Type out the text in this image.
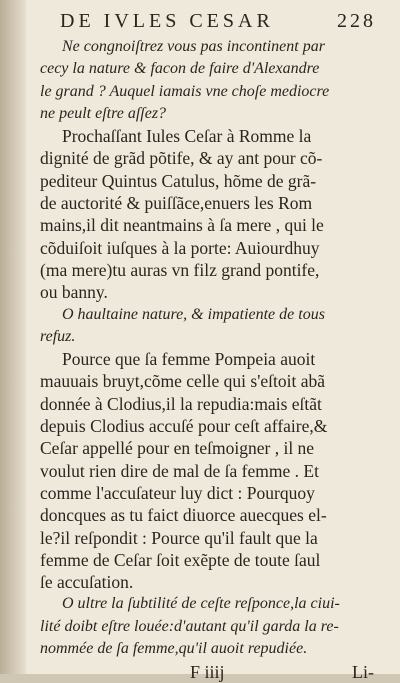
DE IVLES CESAR	228
Ne congnoiſtrez vous pas incontinent par
cecy la nature & facon de faire d'Alexandre
le grand ? Auquel iamais vne choſe mediocre
ne peult eſtre aſſez?
Prochaſſant Iules Ceſar à Romme la
dignité de grãd põtife, & ay ant pour cõ-
pediteur Quintus Catulus, hõme de grã-
de auctorité & puiſſãce,enuers les Rom
mains,il dit neantmains à ſa mere , qui le
cõduiſoit iuſques à la porte: Auiourdhuy
(ma mere)tu auras vn filz grand pontife,
ou banny.
O haultaine nature, & impatiente de tous
refuz.
Pource que ſa femme Pompeia auoit
mauuais bruyt,cõme celle qui s'eſtoit abã
donnée à Clodius,il la repudia:mais eſtãt
depuis Clodius accuſé pour ceſt affaire,&
Ceſar appellé pour en teſmoigner , il ne
voulut rien dire de mal de ſa femme . Et
comme l'accuſateur luy dict : Pourquoy
doncques as tu faict diuorce auecques el-
le?il reſpondit : Pource qu'il fault que la
femme de Ceſar ſoit exẽpte de toute ſaul
ſe accuſation.
O ultre la ſubtilité de ceſte reſponce,la ciui-
lité doibt eſtre louée:d'autant qu'il garda la re-
nommée de ſa femme,qu'il auoit repudiée.
F iiij	Li-
